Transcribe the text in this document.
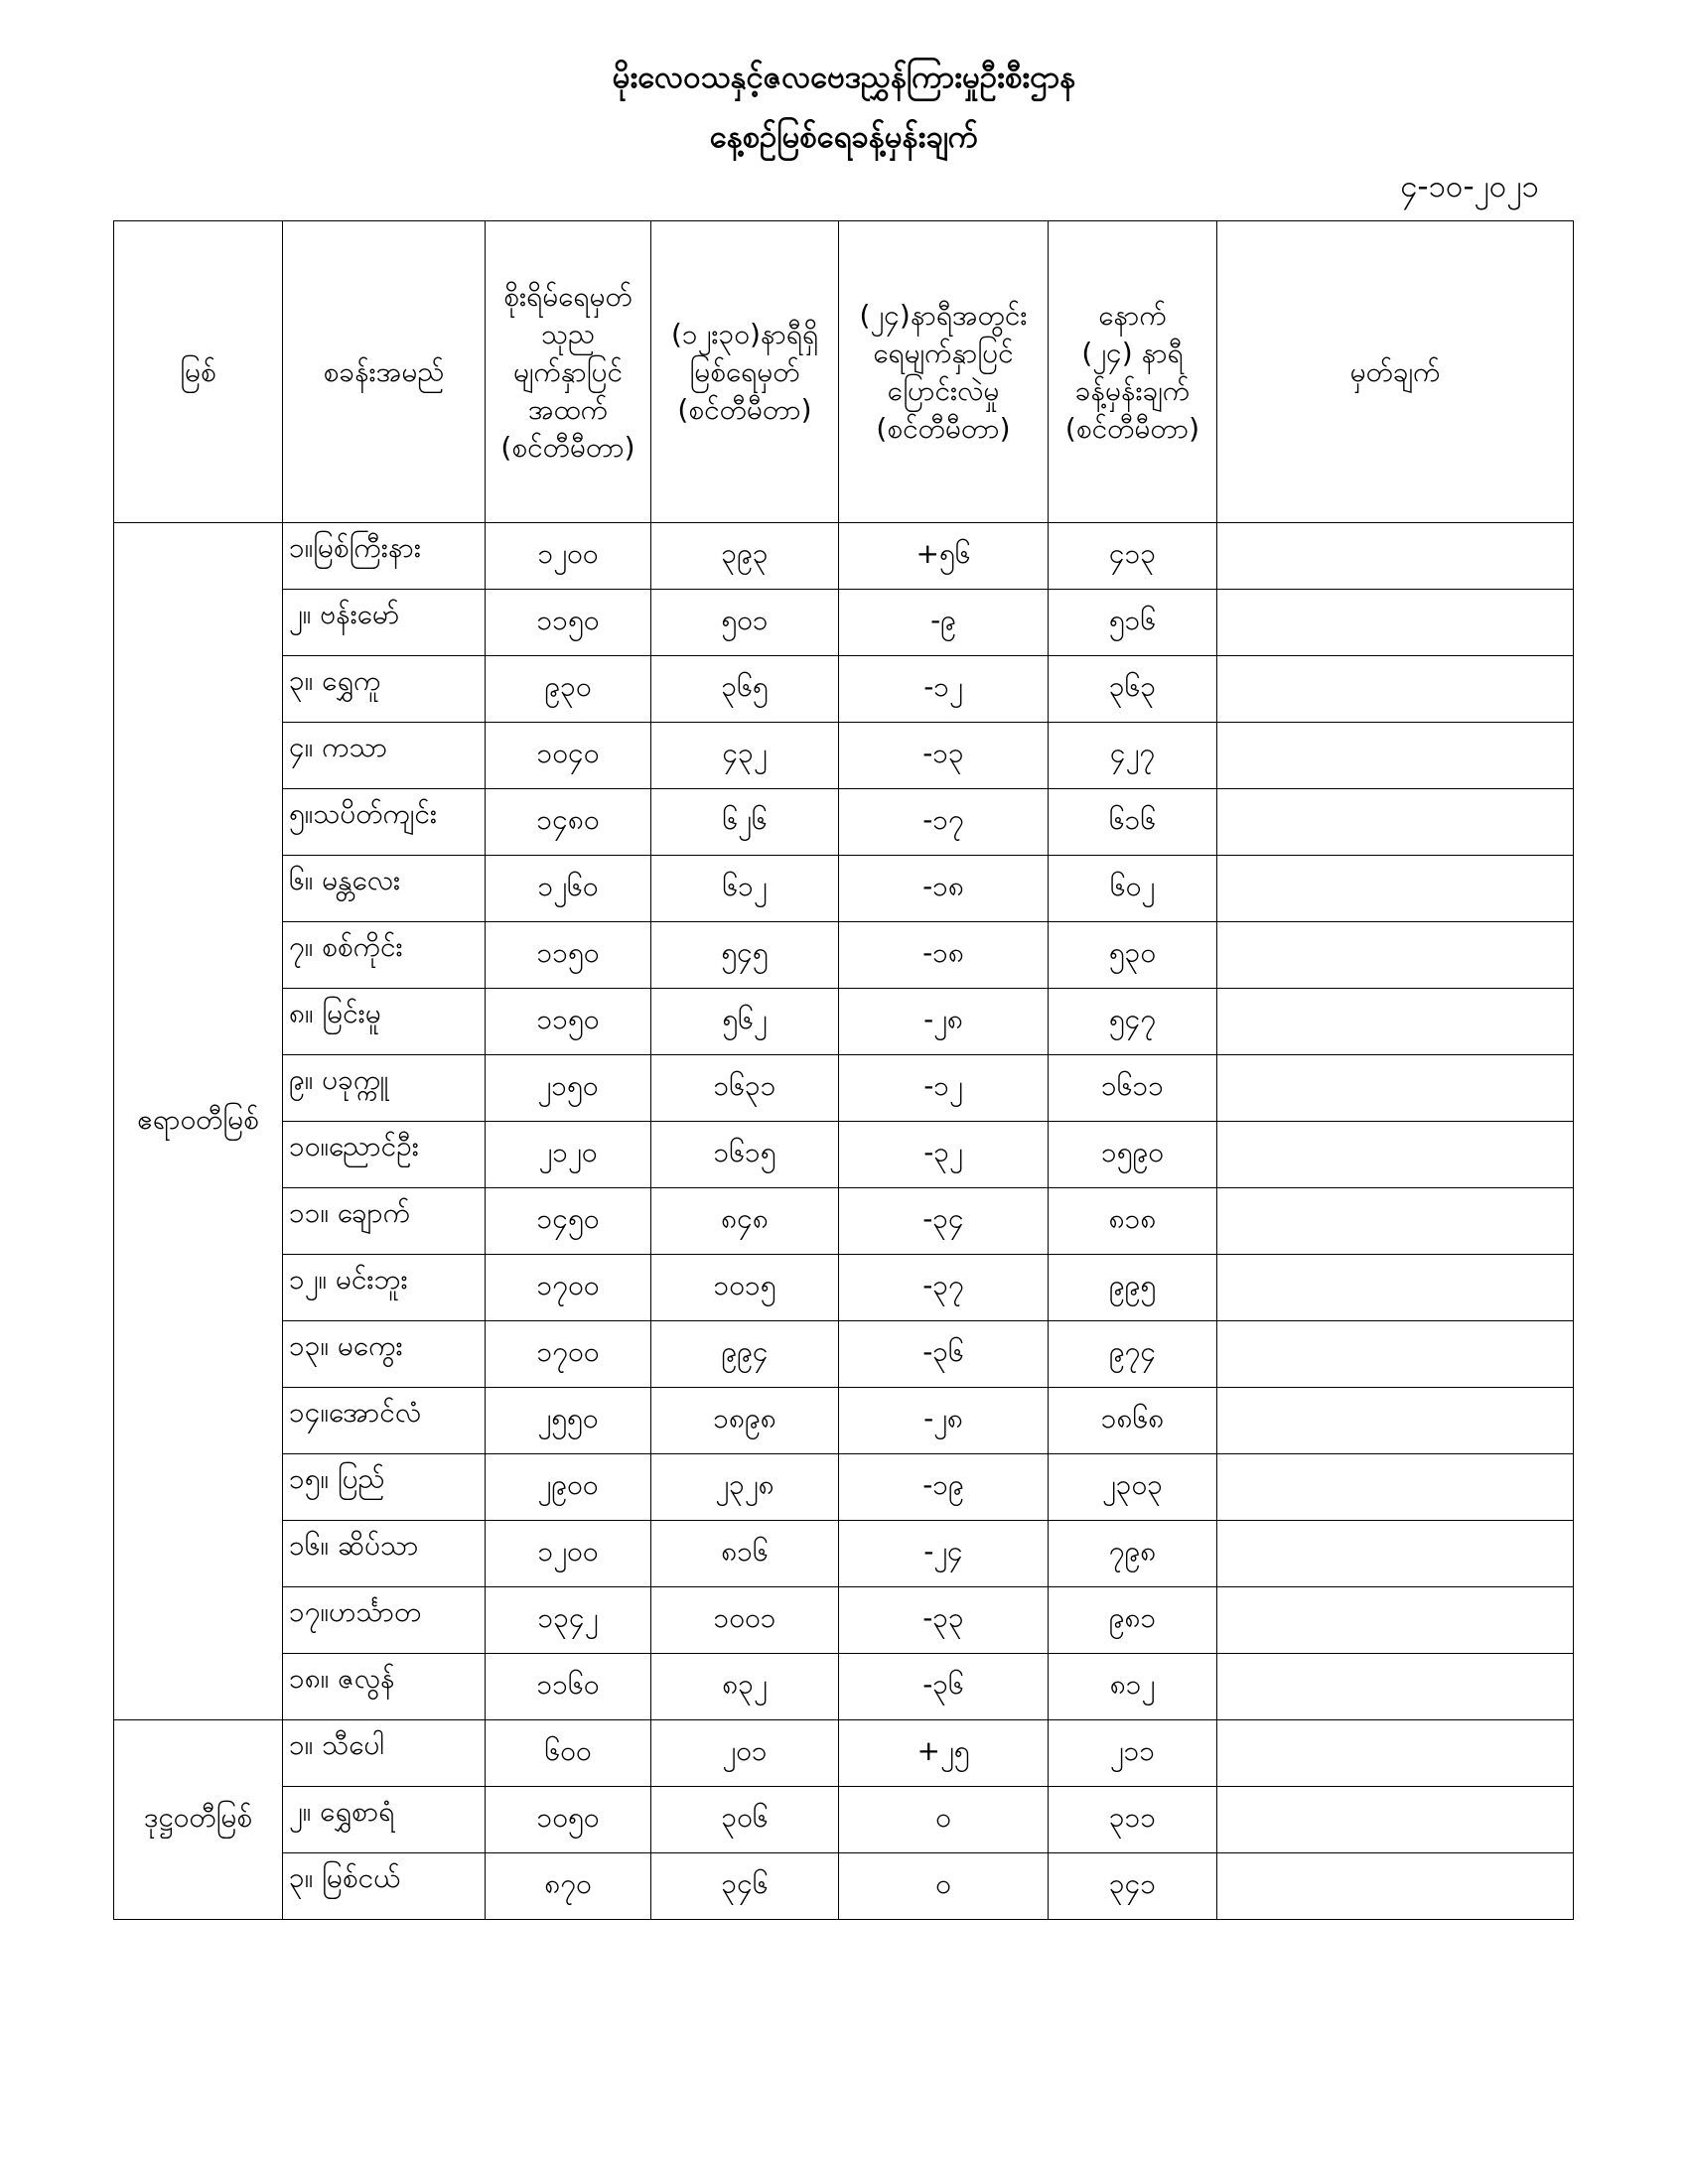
မိုးလေဝသနှင့်ဇလဗေဒညွှန်ကြားမှုဦးစီးဌာန
နေ့စဉ်မြစ်ရေခန့်မှန်းချက်
၄-၁၀-၂၀၂၁
မြစ်	စခန်းအမည်	စိုးရိမ်ရေမှတ်
သုည
မျက်နှာပြင်
အထက်
(စင်တီမီတာ)	(၁၂း၃၀)နာရီရှိ
မြစ်ရေမှတ်
(စင်တီမီတာ)	(၂၄)နာရီအတွင်း
ရေမျက်နှာပြင်
ပြောင်းလဲမှု
(စင်တီမီတာ)	နောက်
(၂၄) နာရီ
ခန့်မှန်းချက်
(စင်တီမီတာ)	မှတ်ချက်

ဧရာဝတီမြစ်	၁။မြစ်ကြီးနား	၁၂၀၀	၃၉၃	+၅၆	၄၁၃	
	၂။ ဗန်းမော်	၁၁၅၀	၅၀၁	-၉	၅၁၆	
	၃။ ရွှေကူ	၉၃၀	၃၆၅	-၁၂	၃၆၃	
	၄။ ကသာ	၁၀၄၀	၄၃၂	-၁၃	၄၂၇	
	၅။သပိတ်ကျင်း	၁၄၈၀	၆၂၆	-၁၇	၆၁၆	
	၆။ မန္တလေး	၁၂၆၀	၆၁၂	-၁၈	၆၀၂	
	၇။ စစ်ကိုင်း	၁၁၅၀	၅၄၅	-၁၈	၅၃၀	
	၈။ မြင်းမူ	၁၁၅၀	၅၆၂	-၂၈	၅၄၇	
	၉။ ပခုက္ကူ	၂၁၅၀	၁၆၃၁	-၁၂	၁၆၁၁	
	၁၀။ညောင်ဦး	၂၁၂၀	၁၆၁၅	-၃၂	၁၅၉၀	
	၁၁။ ချောက်	၁၄၅၀	၈၄၈	-၃၄	၈၁၈	
	၁၂။ မင်းဘူး	၁၇၀၀	၁၀၁၅	-၃၇	၉၉၅	
	၁၃။ မကွေး	၁၇၀၀	၉၉၄	-၃၆	၉၇၄	
	၁၄။အောင်လံ	၂၅၅၀	၁၈၉၈	-၂၈	၁၈၆၈	
	၁၅။ ပြည်	၂၉၀၀	၂၃၂၈	-၁၉	၂၃၀၃	
	၁၆။ ဆိပ်သာ	၁၂၀၀	၈၁၆	-၂၄	၇၉၈	
	၁၇။ဟင်္သာတ	၁၃၄၂	၁၀၀၁	-၃၃	၉၈၁	
	၁၈။ ဇလွန်	၁၁၆၀	၈၃၂	-၃၆	၈၁၂	
ဒုဋ္ဌဝတီမြစ်	၁။ သီပေါ	၆၀၀	၂၀၁	+၂၅	၂၁၁	
	၂။ ရွှေစာရံ	၁၀၅၀	၃၀၆	၀	၃၁၁	
	၃။ မြစ်ငယ်	၈၇၀	၃၄၆	၀	၃၄၁	
